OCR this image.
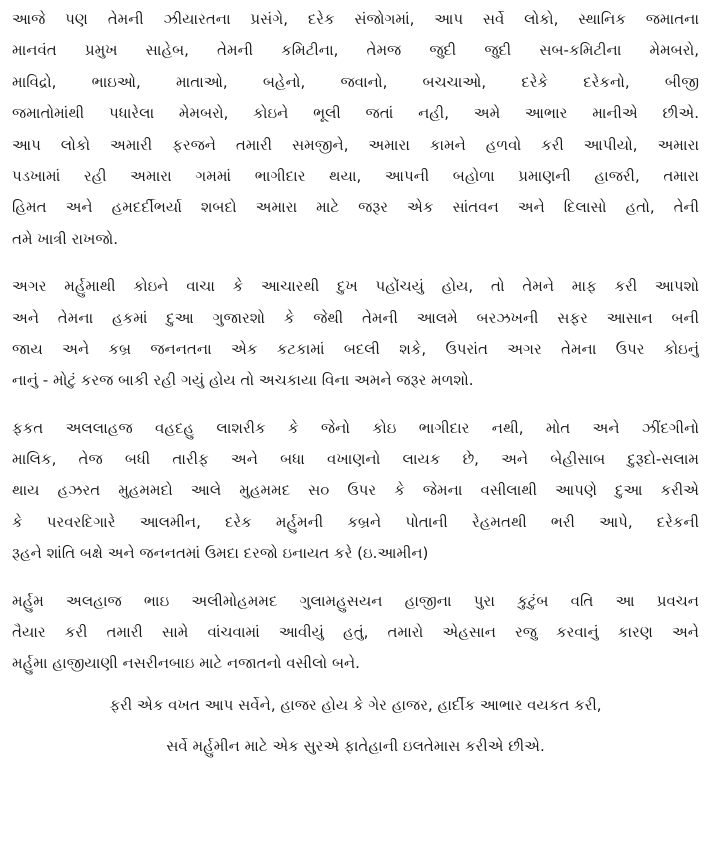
આજે પણ તેમની ઝીયારતના પ્રસંગે, દરેક સંજોગમાં, આપ સર્વે લોકો, સ્થાનિક જમાતના
માનવંત પ્રમુખ સાહેબ, તેમની કમિટીના, તેમજ જુદી જુદી સબ-કમિટીના મેમબરો,
માવિદ્રો, ભાઇઓ, માતાઓ, બહેનો, જવાનો, બચચાઓ, દરેકે દરેકનો, બીજી
જમાતોમાંથી પધારેલા મેમબરો, કોઇને ભૂલી જતાં નહી, અમે આભાર માનીએ છીએ.
આપ લોકો અમારી ફરજને તમારી સમજીને, અમારા કામને હળવો કરી આપીયો, અમારા
પડખામાં રહી અમારા ગમમાં ભાગીદાર થયા, આપની બહોળા પ્રમાણની હાજરી, તમારા
હિમત અને હમદર્દીભર્યા શબદો અમારા માટે જરૂર એક સાંતવન અને દિલાસો હતો, તેની
તમે ખાત્રી રાખજો.
અગર મર્હુમાથી કોઇને વાચા કે આચારથી દુખ પહોંચયું હોય, તો તેમને માફ કરી આપશો
અને તેમના હકમાં દુઆ ગુજારશો કે જેથી તેમની આલમે બરઝખની સફર આસાન બની
જાય અને કબ્ર જનનતના એક કટકામાં બદલી શકે, ઉપરાંત અગર તેમના ઉપર કોઇનું
નાનું - મોટું કરજ બાકી રહી ગયું હોય તો અચકાયા વિના અમને જરૂર મળશો.
ફકત અલલાહજ વહદહુ લાશરીક કે જેનો કોઇ ભાગીદાર નથી, મોત અને ઝીંદગીનો
માલિક, તેજ બધી તારીફ અને બધા વખાણનો લાયક છે, અને બેહીસાબ દુરૂદો-સલામ
થાય હઝરત મુહમમદો આલે મુહમમદ સ૦ ઉપર કે જેમના વસીલાથી આપણે દુઆ કરીએ
કે પરવરદિગારે આલમીન, દરેક મર્હુમની કબ્રને પોતાની રેહમતથી ભરી આપે, દરેકની
રૂહને શાંતિ બક્ષે અને જનનતમાં ઉમદા દરજો ઇનાયત કરે (ઇ.આમીન)
મર્હુમ અલહાજ ભાઇ અલીમોહમમદ ગુલામહુસયન હાજીના પુરા કુટુંબ વતિ આ પ્રવચન
તૈયાર કરી તમારી સામે વાંચવામાં આવીયું હતું, તમારો એહસાન રજુ કરવાનું કારણ અને
મર્હુમા હાજીયાણી નસરીનબાઇ માટે નજાતનો વસીલો બને.
ફરી એક વખત આપ સર્વેને, હાજર હોય કે ગેર હાજર, હાર્દીક આભાર વયકત કરી,
સર્વે મર્હુમીન માટે એક સુરએ ફાતેહાની ઇલતેમાસ કરીએ છીએ.
